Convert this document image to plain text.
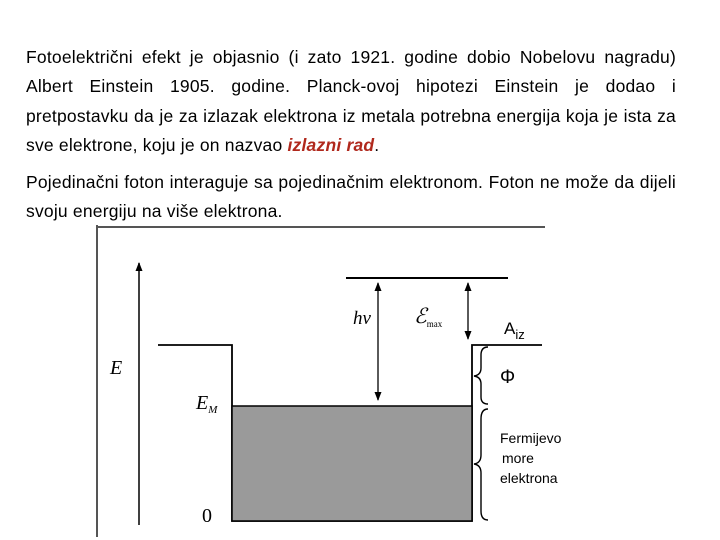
Fotoelektrični efekt je objasnio (i zato 1921. godine dobio Nobelovu nagradu) Albert Einstein 1905. godine. Planck-ovoj hipotezi Einstein je dodao i pretpostavku da je za izlazak elektrona iz metala potrebna energija koja je ista za sve elektrone, koju je on nazvao izlazni rad.

Pojedinačni foton interaguje sa pojedinačnim elektronom. Foton ne može da dijeli svoju energiju na više elektrona.

E
hν ℰmax	$A_{iz}$
Φ
Fermijevo more elektrona
$E_M$
0
